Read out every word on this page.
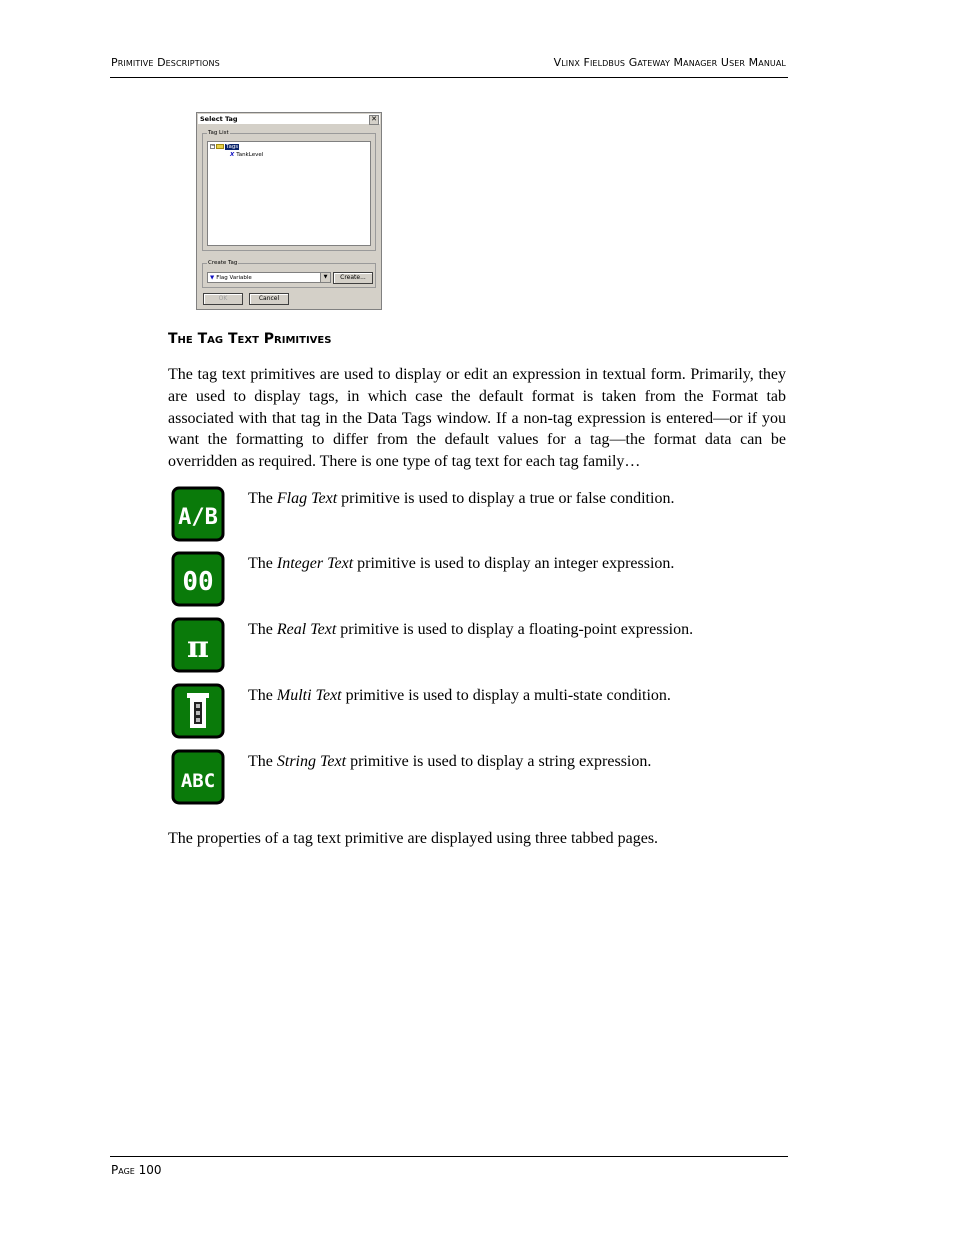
Primitive Descriptions	Vlinx Fieldbus Gateway Manager User Manual
Select Tag	✕
Tag List
− Tags
X TankLevel
Create Tag
▼ Flag Variable	▼	Create...
OK	Cancel
The Tag Text Primitives
The tag text primitives are used to display or edit an expression in textual form. Primarily, they are used to display tags, in which case the default format is taken from the Format tab associated with that tag in the Data Tags window. If a non-tag expression is entered—or if you want the formatting to differ from the default values for a tag—the format data can be overridden as required. There is one type of tag text for each tag family…
A/B
The Flag Text primitive is used to display a true or false condition.
00
The Integer Text primitive is used to display an integer expression.
π
The Real Text primitive is used to display a floating-point expression.
The Multi Text primitive is used to display a multi-state condition.
ABC
The String Text primitive is used to display a string expression.
The properties of a tag text primitive are displayed using three tabbed pages.
Page 100
